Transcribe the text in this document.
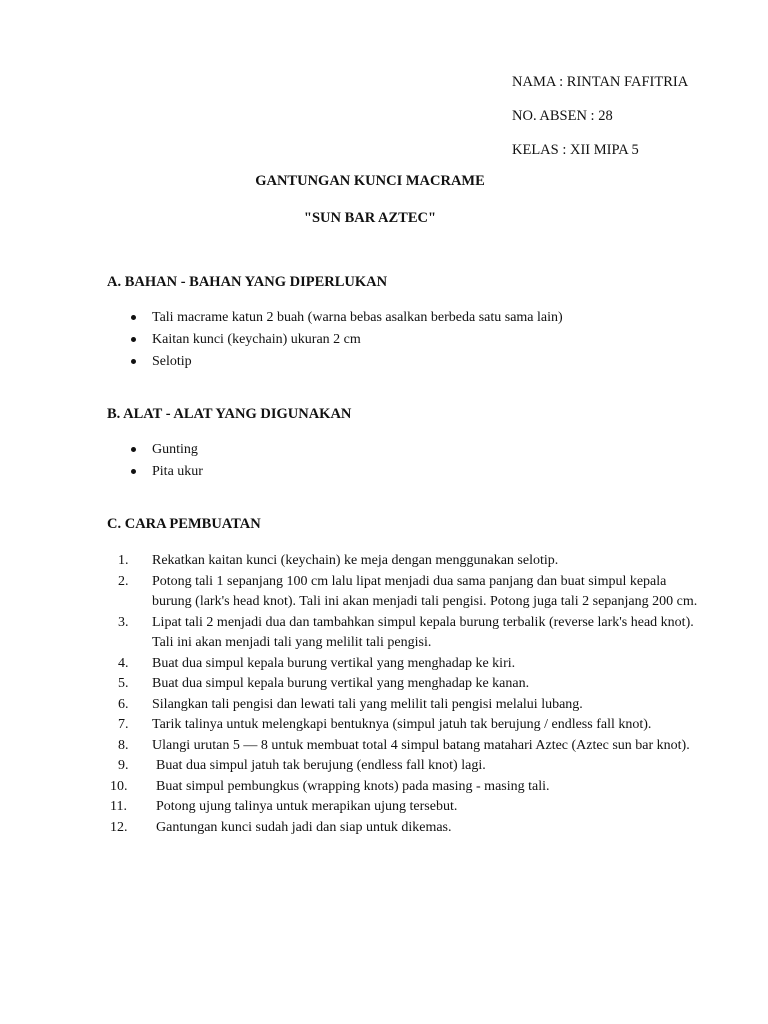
NAMA : RINTAN FAFITRIA
NO. ABSEN : 28
KELAS : XII MIPA 5
GANTUNGAN KUNCI MACRAME
"SUN BAR AZTEC"
A. BAHAN - BAHAN YANG DIPERLUKAN
Tali macrame katun 2 buah (warna bebas asalkan berbeda satu sama lain)
Kaitan kunci (keychain) ukuran 2 cm
Selotip
B. ALAT - ALAT YANG DIGUNAKAN
Gunting
Pita ukur
C. CARA PEMBUATAN
1.	Rekatkan kaitan kunci (keychain) ke meja dengan menggunakan selotip.
2.	Potong tali 1 sepanjang 100 cm lalu lipat menjadi dua sama panjang dan buat simpul kepala burung (lark's head knot). Tali ini akan menjadi tali pengisi. Potong juga tali 2 sepanjang 200 cm.
3.	Lipat tali 2 menjadi dua dan tambahkan simpul kepala burung terbalik (reverse lark's head knot). Tali ini akan menjadi tali yang melilit tali pengisi.
4.	Buat dua simpul kepala burung vertikal yang menghadap ke kiri.
5.	Buat dua simpul kepala burung vertikal yang menghadap ke kanan.
6.	Silangkan tali pengisi dan lewati tali yang melilit tali pengisi melalui lubang.
7.	Tarik talinya untuk melengkapi bentuknya (simpul jatuh tak berujung / endless fall knot).
8.	Ulangi urutan 5 — 8 untuk membuat total 4 simpul batang matahari Aztec (Aztec sun bar knot).
9.	Buat dua simpul jatuh tak berujung (endless fall knot) lagi.
10.	Buat simpul pembungkus (wrapping knots) pada masing - masing tali.
11.	Potong ujung talinya untuk merapikan ujung tersebut.
12.	Gantungan kunci sudah jadi dan siap untuk dikemas.
